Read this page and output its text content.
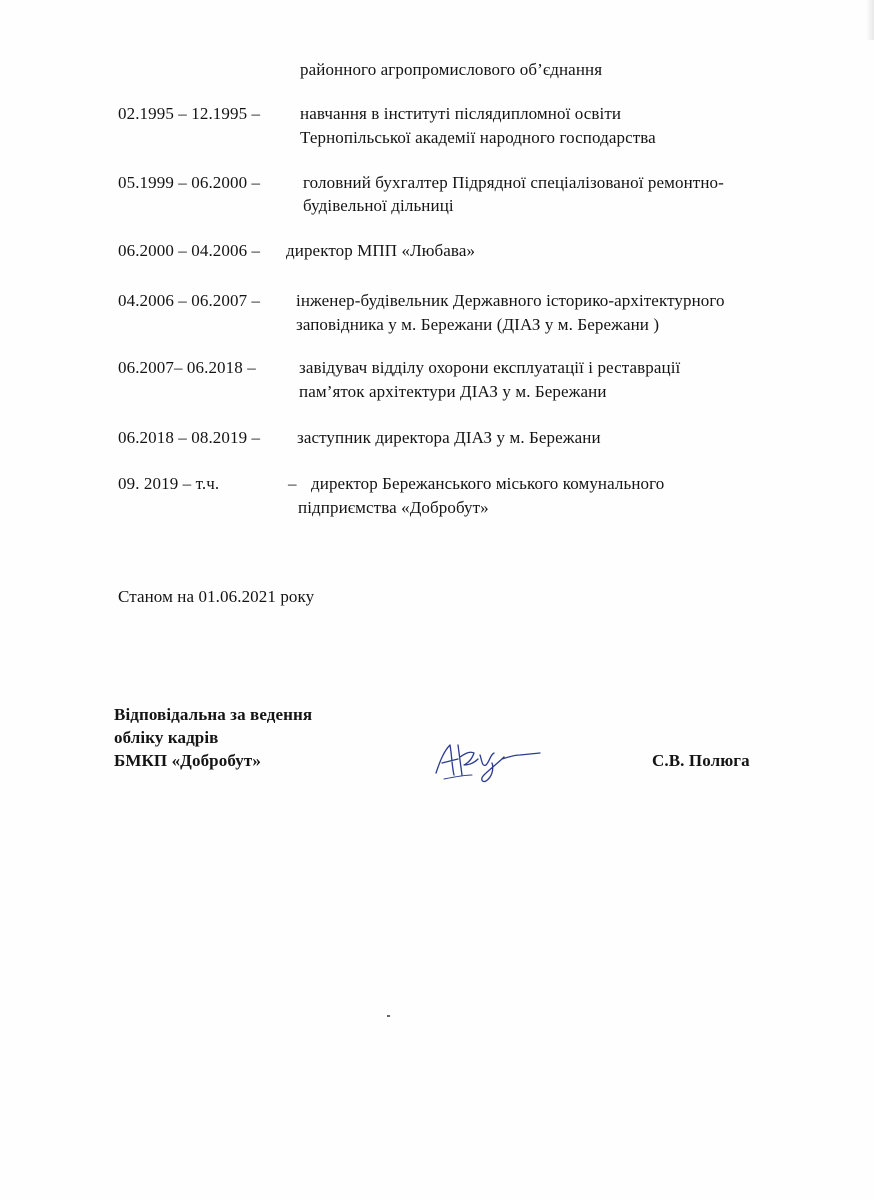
районного агропромислового об’єднання
02.1995 – 12.1995 – навчання в інституті післядипломної освіти
Тернопільської академії народного господарства
05.1999 – 06.2000 –	головний бухгалтер Підрядної спеціалізованої ремонтно-
будівельної дільниці
06.2000 – 04.2006 – директор МПП «Любава»
04.2006 – 06.2007 – інженер-будівельник Державного історико-архітектурного
заповідника у м. Бережани (ДІАЗ у м. Бережани )
06.2007– 06.2018 –	завідувач відділу охорони експлуатації і реставрації
пам’яток архітектури ДІАЗ у м. Бережани
06.2018 – 08.2019 – заступник директора ДІАЗ у м. Бережани
09. 2019 – т.ч.	– директор Бережанського міського комунального
підприємства «Добробут»
Станом на 01.06.2021 року
Відповідальна за ведення
обліку кадрів
БМКП «Добробут»	С.В. Полюга
